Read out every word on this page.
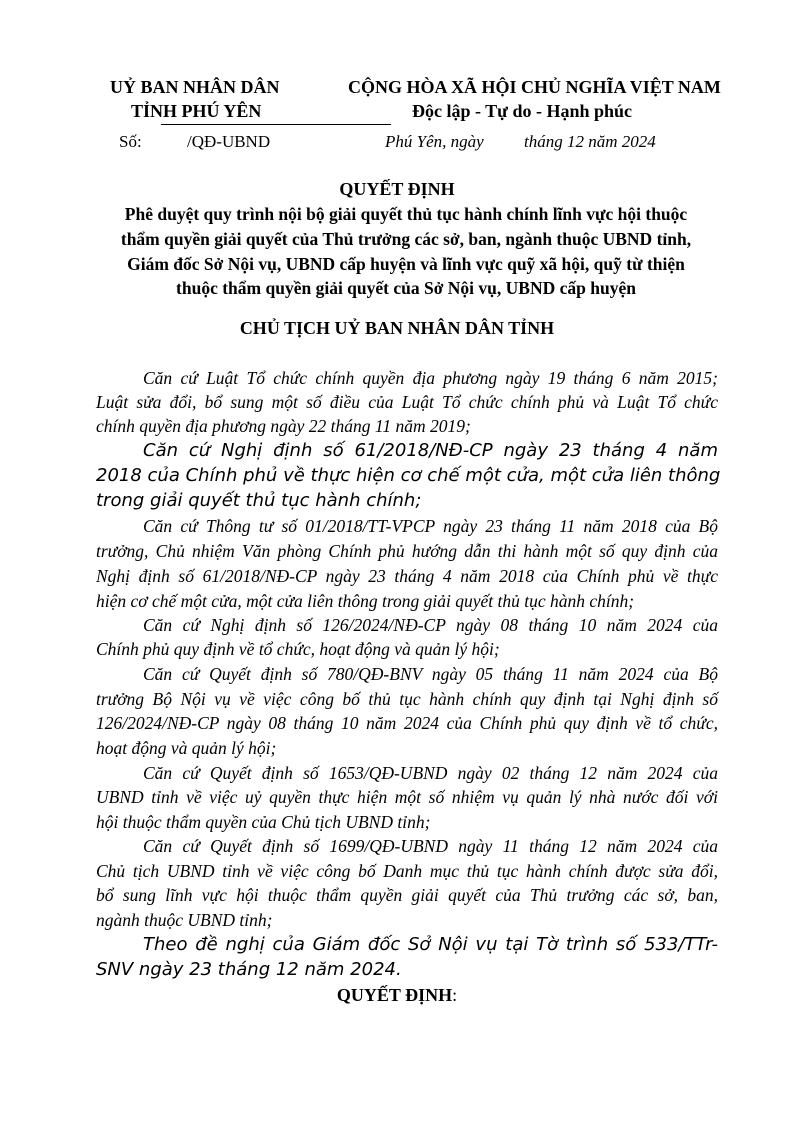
UỶ BAN NHÂN DÂN
TỈNH PHÚ YÊN
CỘNG HÒA XÃ HỘI CHỦ NGHĨA VIỆT NAM
Độc lập - Tự do - Hạnh phúc
Số:	/QĐ-UBND	Phú Yên, ngày tháng 12 năm 2024
QUYẾT ĐỊNH
Phê duyệt quy trình nội bộ giải quyết thủ tục hành chính lĩnh vực hội thuộc
thẩm quyền giải quyết của Thủ trưởng các sở, ban, ngành thuộc UBND tỉnh,
Giám đốc Sở Nội vụ, UBND cấp huyện và lĩnh vực quỹ xã hội, quỹ từ thiện
thuộc thẩm quyền giải quyết của Sở Nội vụ, UBND cấp huyện
CHỦ TỊCH UỶ BAN NHÂN DÂN TỈNH
Căn cứ Luật Tổ chức chính quyền địa phương ngày 19 tháng 6 năm 2015;
Luật sửa đổi, bổ sung một số điều của Luật Tổ chức chính phủ và Luật Tổ chức
chính quyền địa phương ngày 22 tháng 11 năm 2019;
Căn cứ Nghị định số 61/2018/NĐ-CP ngày 23 tháng 4 năm
2018 của Chính phủ về thực hiện cơ chế một cửa, một cửa liên thông
trong giải quyết thủ tục hành chính;
Căn cứ Thông tư số 01/2018/TT-VPCP ngày 23 tháng 11 năm 2018 của Bộ
trưởng, Chủ nhiệm Văn phòng Chính phủ hướng dẫn thi hành một số quy định của
Nghị định số 61/2018/NĐ-CP ngày 23 tháng 4 năm 2018 của Chính phủ về thực
hiện cơ chế một cửa, một cửa liên thông trong giải quyết thủ tục hành chính;
Căn cứ Nghị định số 126/2024/NĐ-CP ngày 08 tháng 10 năm 2024 của
Chính phủ quy định về tổ chức, hoạt động và quản lý hội;
Căn cứ Quyết định số 780/QĐ-BNV ngày 05 tháng 11 năm 2024 của Bộ
trưởng Bộ Nội vụ về việc công bố thủ tục hành chính quy định tại Nghị định số
126/2024/NĐ-CP ngày 08 tháng 10 năm 2024 của Chính phủ quy định về tổ chức,
hoạt động và quản lý hội;
Căn cứ Quyết định số 1653/QĐ-UBND ngày 02 tháng 12 năm 2024 của
UBND tỉnh về việc uỷ quyền thực hiện một số nhiệm vụ quản lý nhà nước đối với
hội thuộc thẩm quyền của Chủ tịch UBND tỉnh;
Căn cứ Quyết định số 1699/QĐ-UBND ngày 11 tháng 12 năm 2024 của
Chủ tịch UBND tỉnh về việc công bố Danh mục thủ tục hành chính được sửa đổi,
bổ sung lĩnh vực hội thuộc thẩm quyền giải quyết của Thủ trưởng các sở, ban,
ngành thuộc UBND tỉnh;
Theo đề nghị của Giám đốc Sở Nội vụ tại Tờ trình số 533/TTr-
SNV ngày 23 tháng 12 năm 2024.
QUYẾT ĐỊNH:
